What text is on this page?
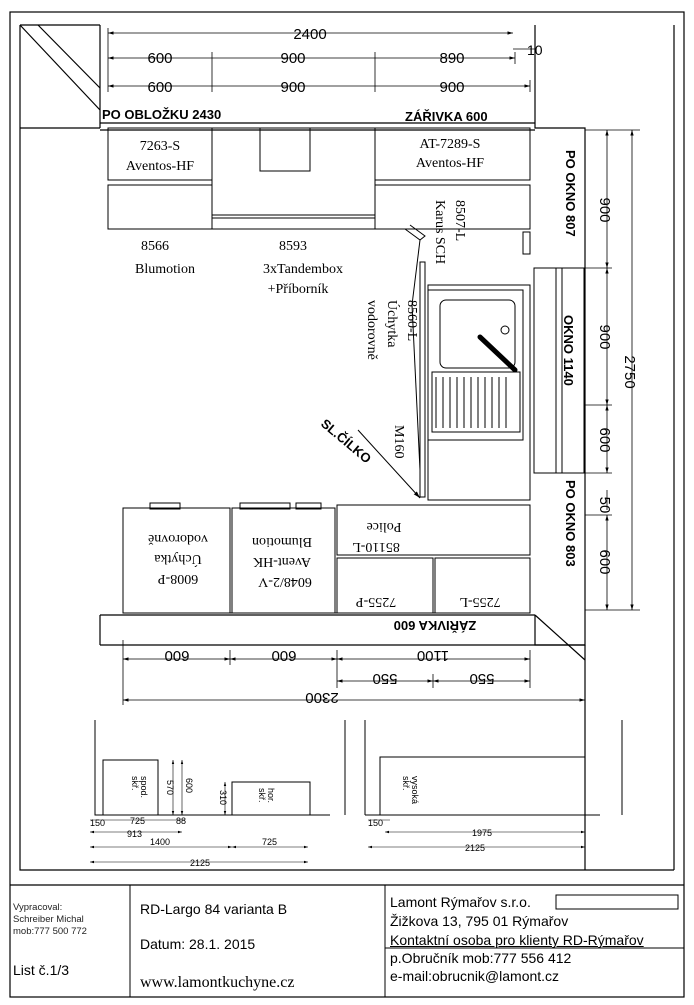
2400
10
600	900	890
600	900	900
PO OBLOŽKU 2430	ZÁŘIVKA 600
7263-S
Aventos-HF
AT-7289-S
Aventos-HF
8566
Blumotion
8593
3xTandembox
+Příborník
8507-L
Karus SCH
8560-L
Úchytka
vodorovně
SL.ČÍLKO M160
6008-P
Úchytka
vodorovně
6048/2-V
Avent-HK
Blumotion	85110-L
Police
7255-P	7255-L
ZÁŘIVKA 600
PO OKNO 807
OKNO 1140
PO OKNO 803
2750
900
900
600
50
600
600	600	1100
550	550
2300
spod.
skř.
hor.
skř.
570 600
310
150	725	88
913
1400	725
2125
vysoká
skř.
150
1975
2125
Vypracoval:
Schreiber Michal
mob:777 500 772
List č.1/3
RD-Largo 84 varianta B
Datum: 28.1. 2015
www.lamontkuchyne.cz
Lamont Rýmařov s.r.o.
Žižkova 13, 795 01 Rýmařov
Kontaktní osoba pro klienty RD-Rýmařov
p.Obručník mob:777 556 412
e-mail:obrucnik@lamont.cz
